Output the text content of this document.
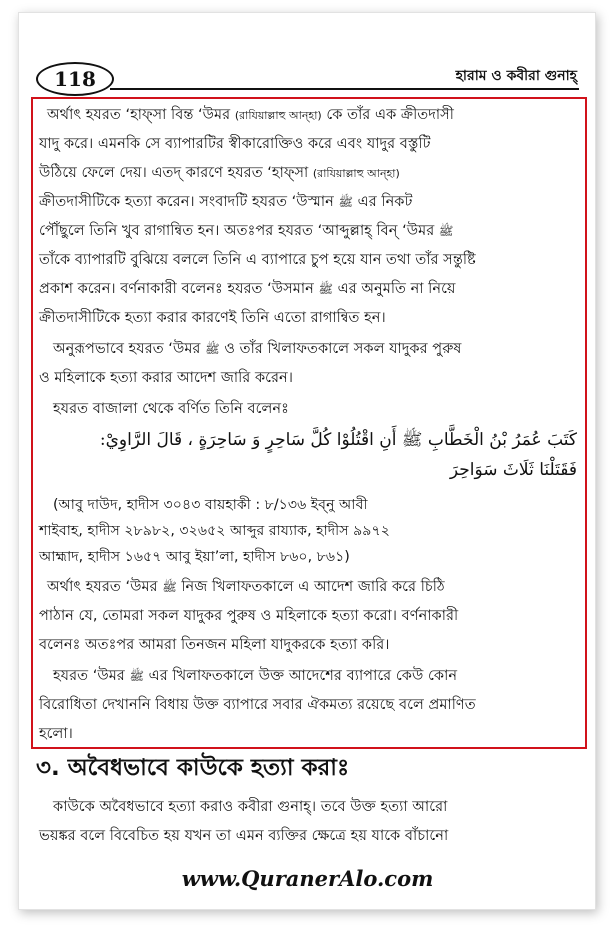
118	হারাম ও কবীরা গুনাহ্
অর্থাৎ হযরত ‘হাফ্সা বিন্ত ‘উমর (রাযিয়াল্লাহু আন্হা) কে তাঁর এক ক্রীতদাসী
যাদু করে। এমনকি সে ব্যাপারটির স্বীকারোক্তিও করে এবং যাদুর বস্তুটি
উঠিয়ে ফেলে দেয়। এতদ্ কারণে হযরত ‘হাফ্সা (রাযিয়াল্লাহু আন্হা)
ক্রীতদাসীটিকে হত্যা করেন। সংবাদটি হযরত ‘উস্মান ﷺ এর নিকট
পৌঁছুলে তিনি খুব রাগান্বিত হন। অতঃপর হযরত ‘আব্দুল্লাহ্ বিন্ ‘উমর ﷺ
তাঁকে ব্যাপারটি বুঝিয়ে বললে তিনি এ ব্যাপারে চুপ হয়ে যান তথা তাঁর সন্তুষ্টি
প্রকাশ করেন। বর্ণনাকারী বলেনঃ হযরত ‘উসমান ﷺ এর অনুমতি না নিয়ে
ক্রীতদাসীটিকে হত্যা করার কারণেই তিনি এতো রাগান্বিত হন।
অনুরূপভাবে হযরত ‘উমর ﷺ ও তাঁর খিলাফতকালে সকল যাদুকর পুরুষ
ও মহিলাকে হত্যা করার আদেশ জারি করেন।
হযরত বাজালা থেকে বর্ণিত তিনি বলেনঃ
كَتَبَ عُمَرُ بْنُ الْخَطَّابِ ﷺ أَنِ اقْتُلُوْا كُلَّ سَاحِرٍ وَ سَاحِرَةٍ ، قَالَ الرَّاوِيْ:
فَقَتَلْنَا ثَلَاثَ سَوَاحِرَ
(আবু দাউদ, হাদীস ৩০৪৩ বায়হাকী : ৮/১৩৬ ইব্নু আবী
শাইবাহ, হাদীস ২৮৯৮২, ৩২৬৫২ আব্দুর রায্যাক, হাদীস ৯৯৭২
আহ্মাদ, হাদীস ১৬৫৭ আবু ইয়া’লা, হাদীস ৮৬০, ৮৬১)
অর্থাৎ হযরত ‘উমর ﷺ নিজ খিলাফতকালে এ আদেশ জারি করে চিঠি
পাঠান যে, তোমরা সকল যাদুকর পুরুষ ও মহিলাকে হত্যা করো। বর্ণনাকারী
বলেনঃ অতঃপর আমরা তিনজন মহিলা যাদুকরকে হত্যা করি।
হযরত ‘উমর ﷺ এর খিলাফতকালে উক্ত আদেশের ব্যাপারে কেউ কোন
বিরোধিতা দেখাননি বিধায় উক্ত ব্যাপারে সবার ঐকমত্য রয়েছে বলে প্রমাণিত
হলো।
৩. অবৈধভাবে কাউকে হত্যা করাঃ
কাউকে অবৈধভাবে হত্যা করাও কবীরা গুনাহ্। তবে উক্ত হত্যা আরো
ভয়ঙ্কর বলে বিবেচিত হয় যখন তা এমন ব্যক্তির ক্ষেত্রে হয় যাকে বাঁচানো
www.QuranerAlo.com
